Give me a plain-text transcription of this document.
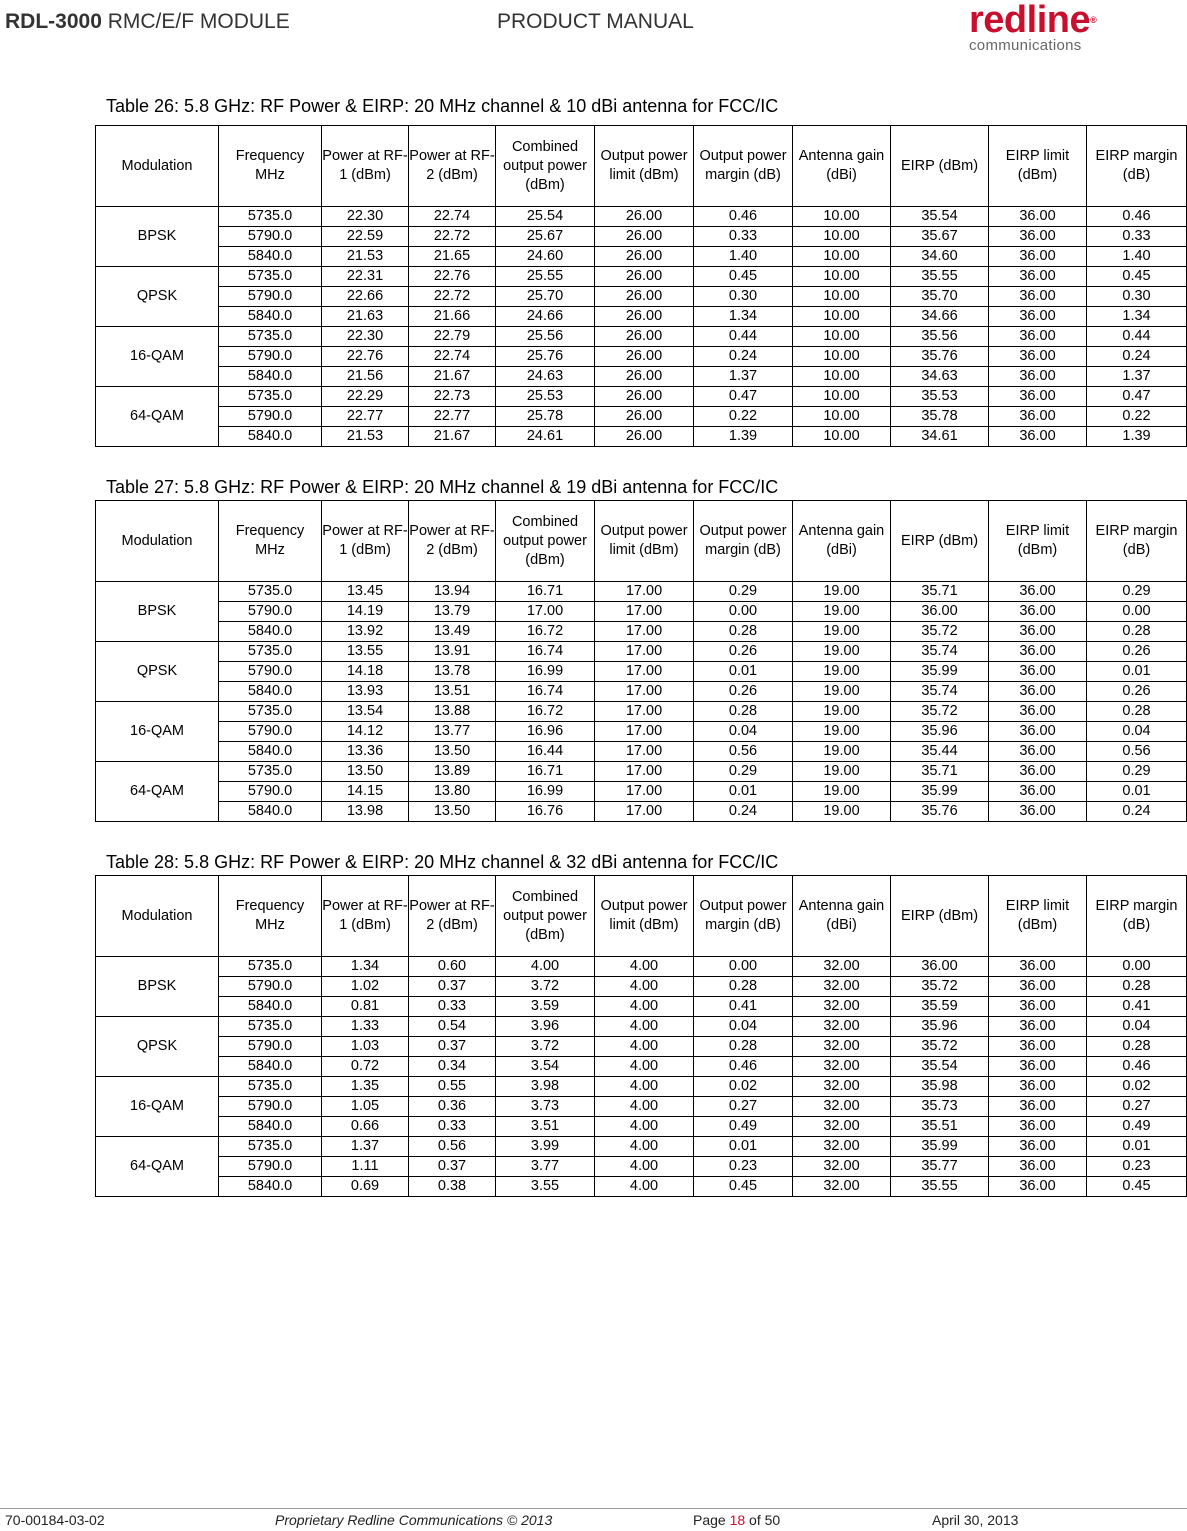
RDL-3000 RMC/E/F MODULE	PRODUCT MANUAL	redline®
communications
Table 26: 5.8 GHz: RF Power & EIRP: 20 MHz channel & 10 dBi antenna for FCC/IC
Modulation	Frequency MHz	Power at RF-1 (dBm)	Power at RF-2 (dBm)	Combined output power (dBm)	Output power limit (dBm)	Output power margin (dB)	Antenna gain (dBi)	EIRP (dBm)	EIRP limit (dBm)	EIRP margin (dB)
BPSK	5735.0	22.30	22.74	25.54	26.00	0.46	10.00	35.54	36.00	0.46
	5790.0	22.59	22.72	25.67	26.00	0.33	10.00	35.67	36.00	0.33
	5840.0	21.53	21.65	24.60	26.00	1.40	10.00	34.60	36.00	1.40
QPSK	5735.0	22.31	22.76	25.55	26.00	0.45	10.00	35.55	36.00	0.45
	5790.0	22.66	22.72	25.70	26.00	0.30	10.00	35.70	36.00	0.30
	5840.0	21.63	21.66	24.66	26.00	1.34	10.00	34.66	36.00	1.34
16-QAM	5735.0	22.30	22.79	25.56	26.00	0.44	10.00	35.56	36.00	0.44
	5790.0	22.76	22.74	25.76	26.00	0.24	10.00	35.76	36.00	0.24
	5840.0	21.56	21.67	24.63	26.00	1.37	10.00	34.63	36.00	1.37
64-QAM	5735.0	22.29	22.73	25.53	26.00	0.47	10.00	35.53	36.00	0.47
	5790.0	22.77	22.77	25.78	26.00	0.22	10.00	35.78	36.00	0.22
	5840.0	21.53	21.67	24.61	26.00	1.39	10.00	34.61	36.00	1.39
Table 27: 5.8 GHz: RF Power & EIRP: 20 MHz channel & 19 dBi antenna for FCC/IC
Modulation	Frequency MHz	Power at RF-1 (dBm)	Power at RF-2 (dBm)	Combined output power (dBm)	Output power limit (dBm)	Output power margin (dB)	Antenna gain (dBi)	EIRP (dBm)	EIRP limit (dBm)	EIRP margin (dB)
BPSK	5735.0	13.45	13.94	16.71	17.00	0.29	19.00	35.71	36.00	0.29
	5790.0	14.19	13.79	17.00	17.00	0.00	19.00	36.00	36.00	0.00
	5840.0	13.92	13.49	16.72	17.00	0.28	19.00	35.72	36.00	0.28
QPSK	5735.0	13.55	13.91	16.74	17.00	0.26	19.00	35.74	36.00	0.26
	5790.0	14.18	13.78	16.99	17.00	0.01	19.00	35.99	36.00	0.01
	5840.0	13.93	13.51	16.74	17.00	0.26	19.00	35.74	36.00	0.26
16-QAM	5735.0	13.54	13.88	16.72	17.00	0.28	19.00	35.72	36.00	0.28
	5790.0	14.12	13.77	16.96	17.00	0.04	19.00	35.96	36.00	0.04
	5840.0	13.36	13.50	16.44	17.00	0.56	19.00	35.44	36.00	0.56
64-QAM	5735.0	13.50	13.89	16.71	17.00	0.29	19.00	35.71	36.00	0.29
	5790.0	14.15	13.80	16.99	17.00	0.01	19.00	35.99	36.00	0.01
	5840.0	13.98	13.50	16.76	17.00	0.24	19.00	35.76	36.00	0.24
Table 28: 5.8 GHz: RF Power & EIRP: 20 MHz channel & 32 dBi antenna for FCC/IC
Modulation	Frequency MHz	Power at RF-1 (dBm)	Power at RF-2 (dBm)	Combined output power (dBm)	Output power limit (dBm)	Output power margin (dB)	Antenna gain (dBi)	EIRP (dBm)	EIRP limit (dBm)	EIRP margin (dB)
BPSK	5735.0	1.34	0.60	4.00	4.00	0.00	32.00	36.00	36.00	0.00
	5790.0	1.02	0.37	3.72	4.00	0.28	32.00	35.72	36.00	0.28
	5840.0	0.81	0.33	3.59	4.00	0.41	32.00	35.59	36.00	0.41
QPSK	5735.0	1.33	0.54	3.96	4.00	0.04	32.00	35.96	36.00	0.04
	5790.0	1.03	0.37	3.72	4.00	0.28	32.00	35.72	36.00	0.28
	5840.0	0.72	0.34	3.54	4.00	0.46	32.00	35.54	36.00	0.46
16-QAM	5735.0	1.35	0.55	3.98	4.00	0.02	32.00	35.98	36.00	0.02
	5790.0	1.05	0.36	3.73	4.00	0.27	32.00	35.73	36.00	0.27
	5840.0	0.66	0.33	3.51	4.00	0.49	32.00	35.51	36.00	0.49
64-QAM	5735.0	1.37	0.56	3.99	4.00	0.01	32.00	35.99	36.00	0.01
	5790.0	1.11	0.37	3.77	4.00	0.23	32.00	35.77	36.00	0.23
	5840.0	0.69	0.38	3.55	4.00	0.45	32.00	35.55	36.00	0.45
70-00184-03-02	Proprietary Redline Communications © 2013	Page 18 of 50	April 30, 2013
